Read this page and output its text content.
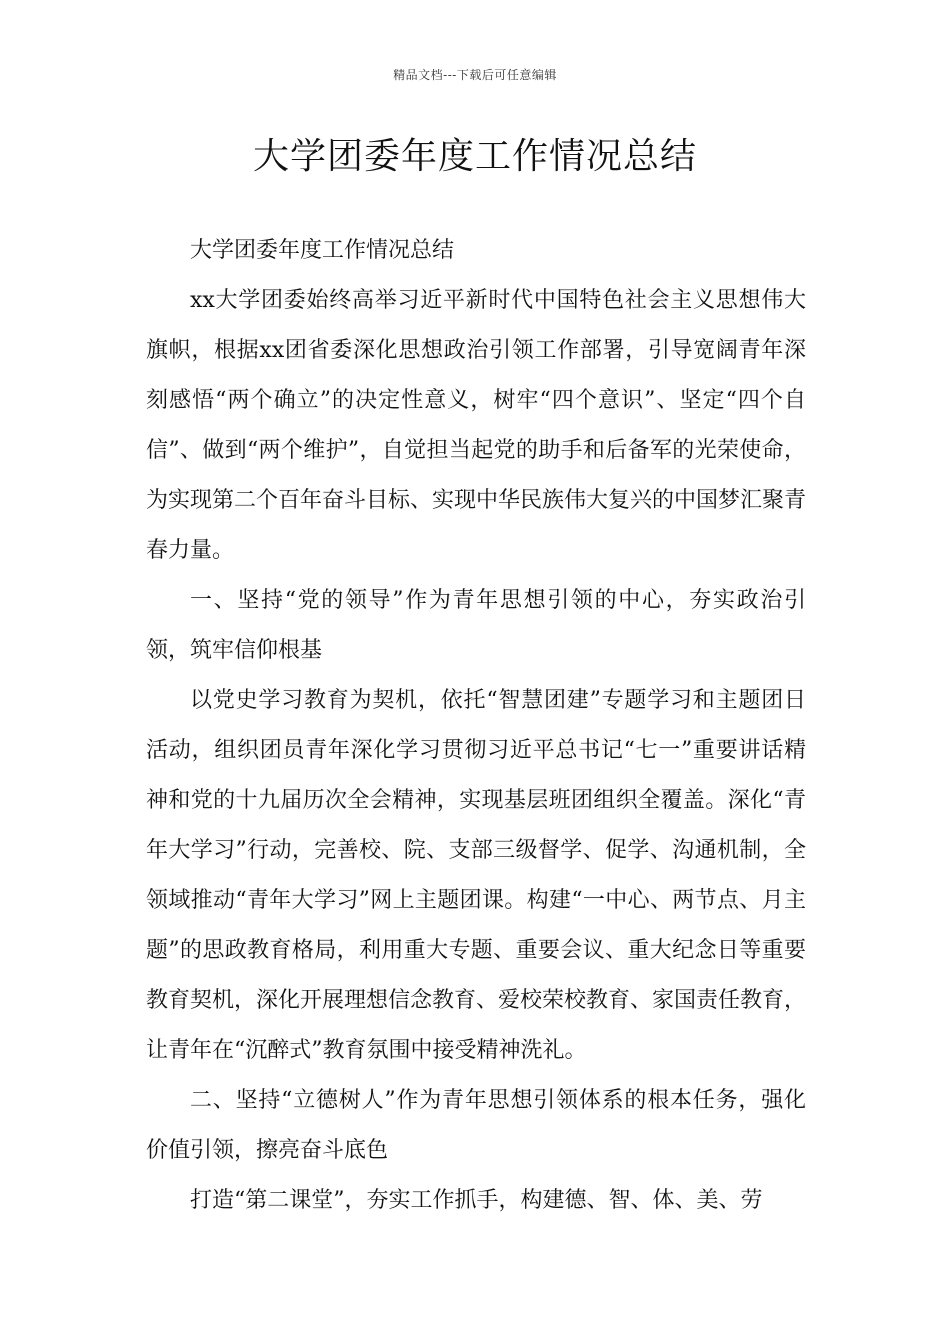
精品文档---下载后可任意编辑
大学团委年度工作情况总结

大学团委年度工作情况总结

xx大学团委始终高举习近平新时代中国特色社会主义思想伟大旗帜，根据xx团省委深化思想政治引领工作部署，引导宽阔青年深刻感悟“两个确立”的决定性意义，树牢“四个意识”、坚定“四个自信”、做到“两个维护”，自觉担当起党的助手和后备军的光荣使命，为实现第二个百年奋斗目标、实现中华民族伟大复兴的中国梦汇聚青春力量。

一、坚持“党的领导”作为青年思想引领的中心，夯实政治引领，筑牢信仰根基

以党史学习教育为契机，依托“智慧团建”专题学习和主题团日活动，组织团员青年深化学习贯彻习近平总书记“七一”重要讲话精神和党的十九届历次全会精神，实现基层班团组织全覆盖。深化“青年大学习”行动，完善校、院、支部三级督学、促学、沟通机制，全领域推动“青年大学习”网上主题团课。构建“一中心、两节点、月主题”的思政教育格局，利用重大专题、重要会议、重大纪念日等重要教育契机，深化开展理想信念教育、爱校荣校教育、家国责任教育，让青年在“沉醉式”教育氛围中接受精神洗礼。

二、坚持“立德树人”作为青年思想引领体系的根本任务，强化价值引领，擦亮奋斗底色

打造“第二课堂”，夯实工作抓手，构建德、智、体、美、劳
